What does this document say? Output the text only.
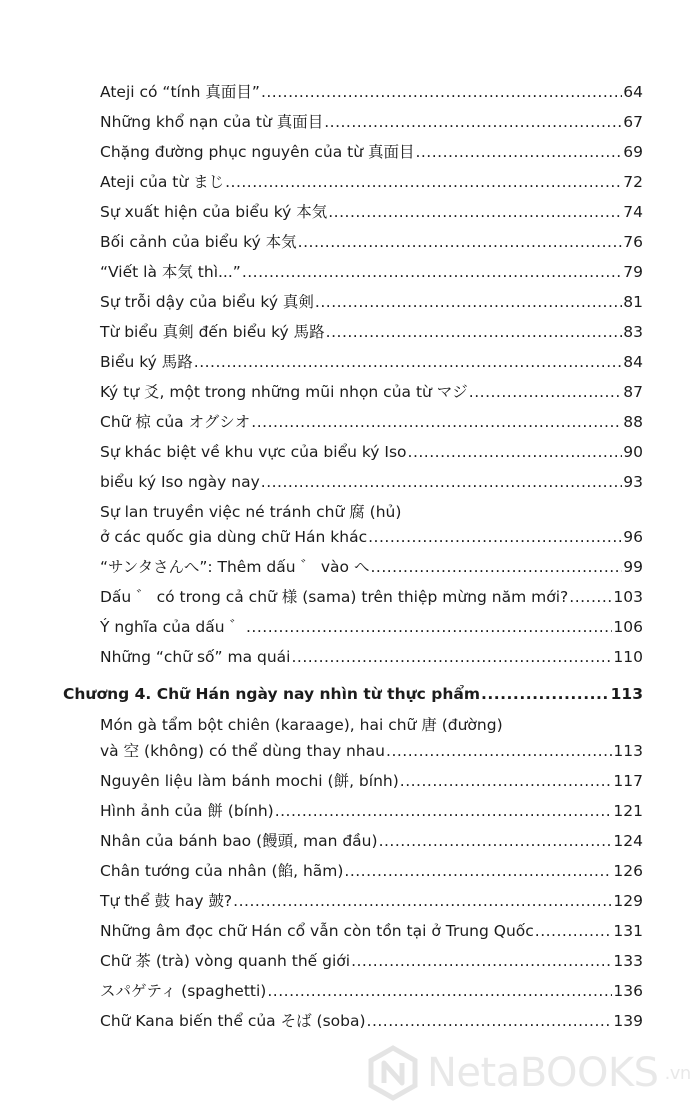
Ateji có “tính 真面目” .....	64
Những khổ nạn của từ 真面目 .....	67
Chặng đường phục nguyên của từ 真面目 .....	69
Ateji của từ まじ .....	72
Sự xuất hiện của biểu ký 本気 .....	74
Bối cảnh của biểu ký 本気 .....	76
“Viết là 本気 thì...” .....	79
Sự trỗi dậy của biểu ký 真剣 .....	81
Từ biểu 真剣 đến biểu ký 馬路 .....	83
Biểu ký 馬路 .....	84
Ký tự 爻, một trong những mũi nhọn của từ マジ .....	87
Chữ 椋 của オグシオ .....	88
Sự khác biệt về khu vực của biểu ký Iso .....	90
biểu ký Iso ngày nay .....	93
Sự lan truyền việc né tránh chữ 腐 (hủ)
ở các quốc gia dùng chữ Hán khác .....	96
“サンタさんへ”: Thêm dấu ゛ vào へ .....	99
Dấu ゛ có trong cả chữ 様 (sama) trên thiệp mừng năm mới? .....	103
Ý nghĩa của dấu ゛ .....	106
Những “chữ số” ma quái .....	110
Chương 4. Chữ Hán ngày nay nhìn từ thực phẩm .....	113
Món gà tẩm bột chiên (karaage), hai chữ 唐 (đường)
và 空 (không) có thể dùng thay nhau .....	113
Nguyên liệu làm bánh mochi (餅, bính) .....	117
Hình ảnh của 餅 (bính) .....	121
Nhân của bánh bao (饅頭, man đầu) .....	124
Chân tướng của nhân (餡, hãm) .....	126
Tự thể 鼓 hay 皷? .....	129
Những âm đọc chữ Hán cổ vẫn còn tồn tại ở Trung Quốc .....	131
Chữ 茶 (trà) vòng quanh thế giới .....	133
スパゲティ (spaghetti) .....	136
Chữ Kana biến thể của そば (soba) .....	139
NetaBOOKS .vn
